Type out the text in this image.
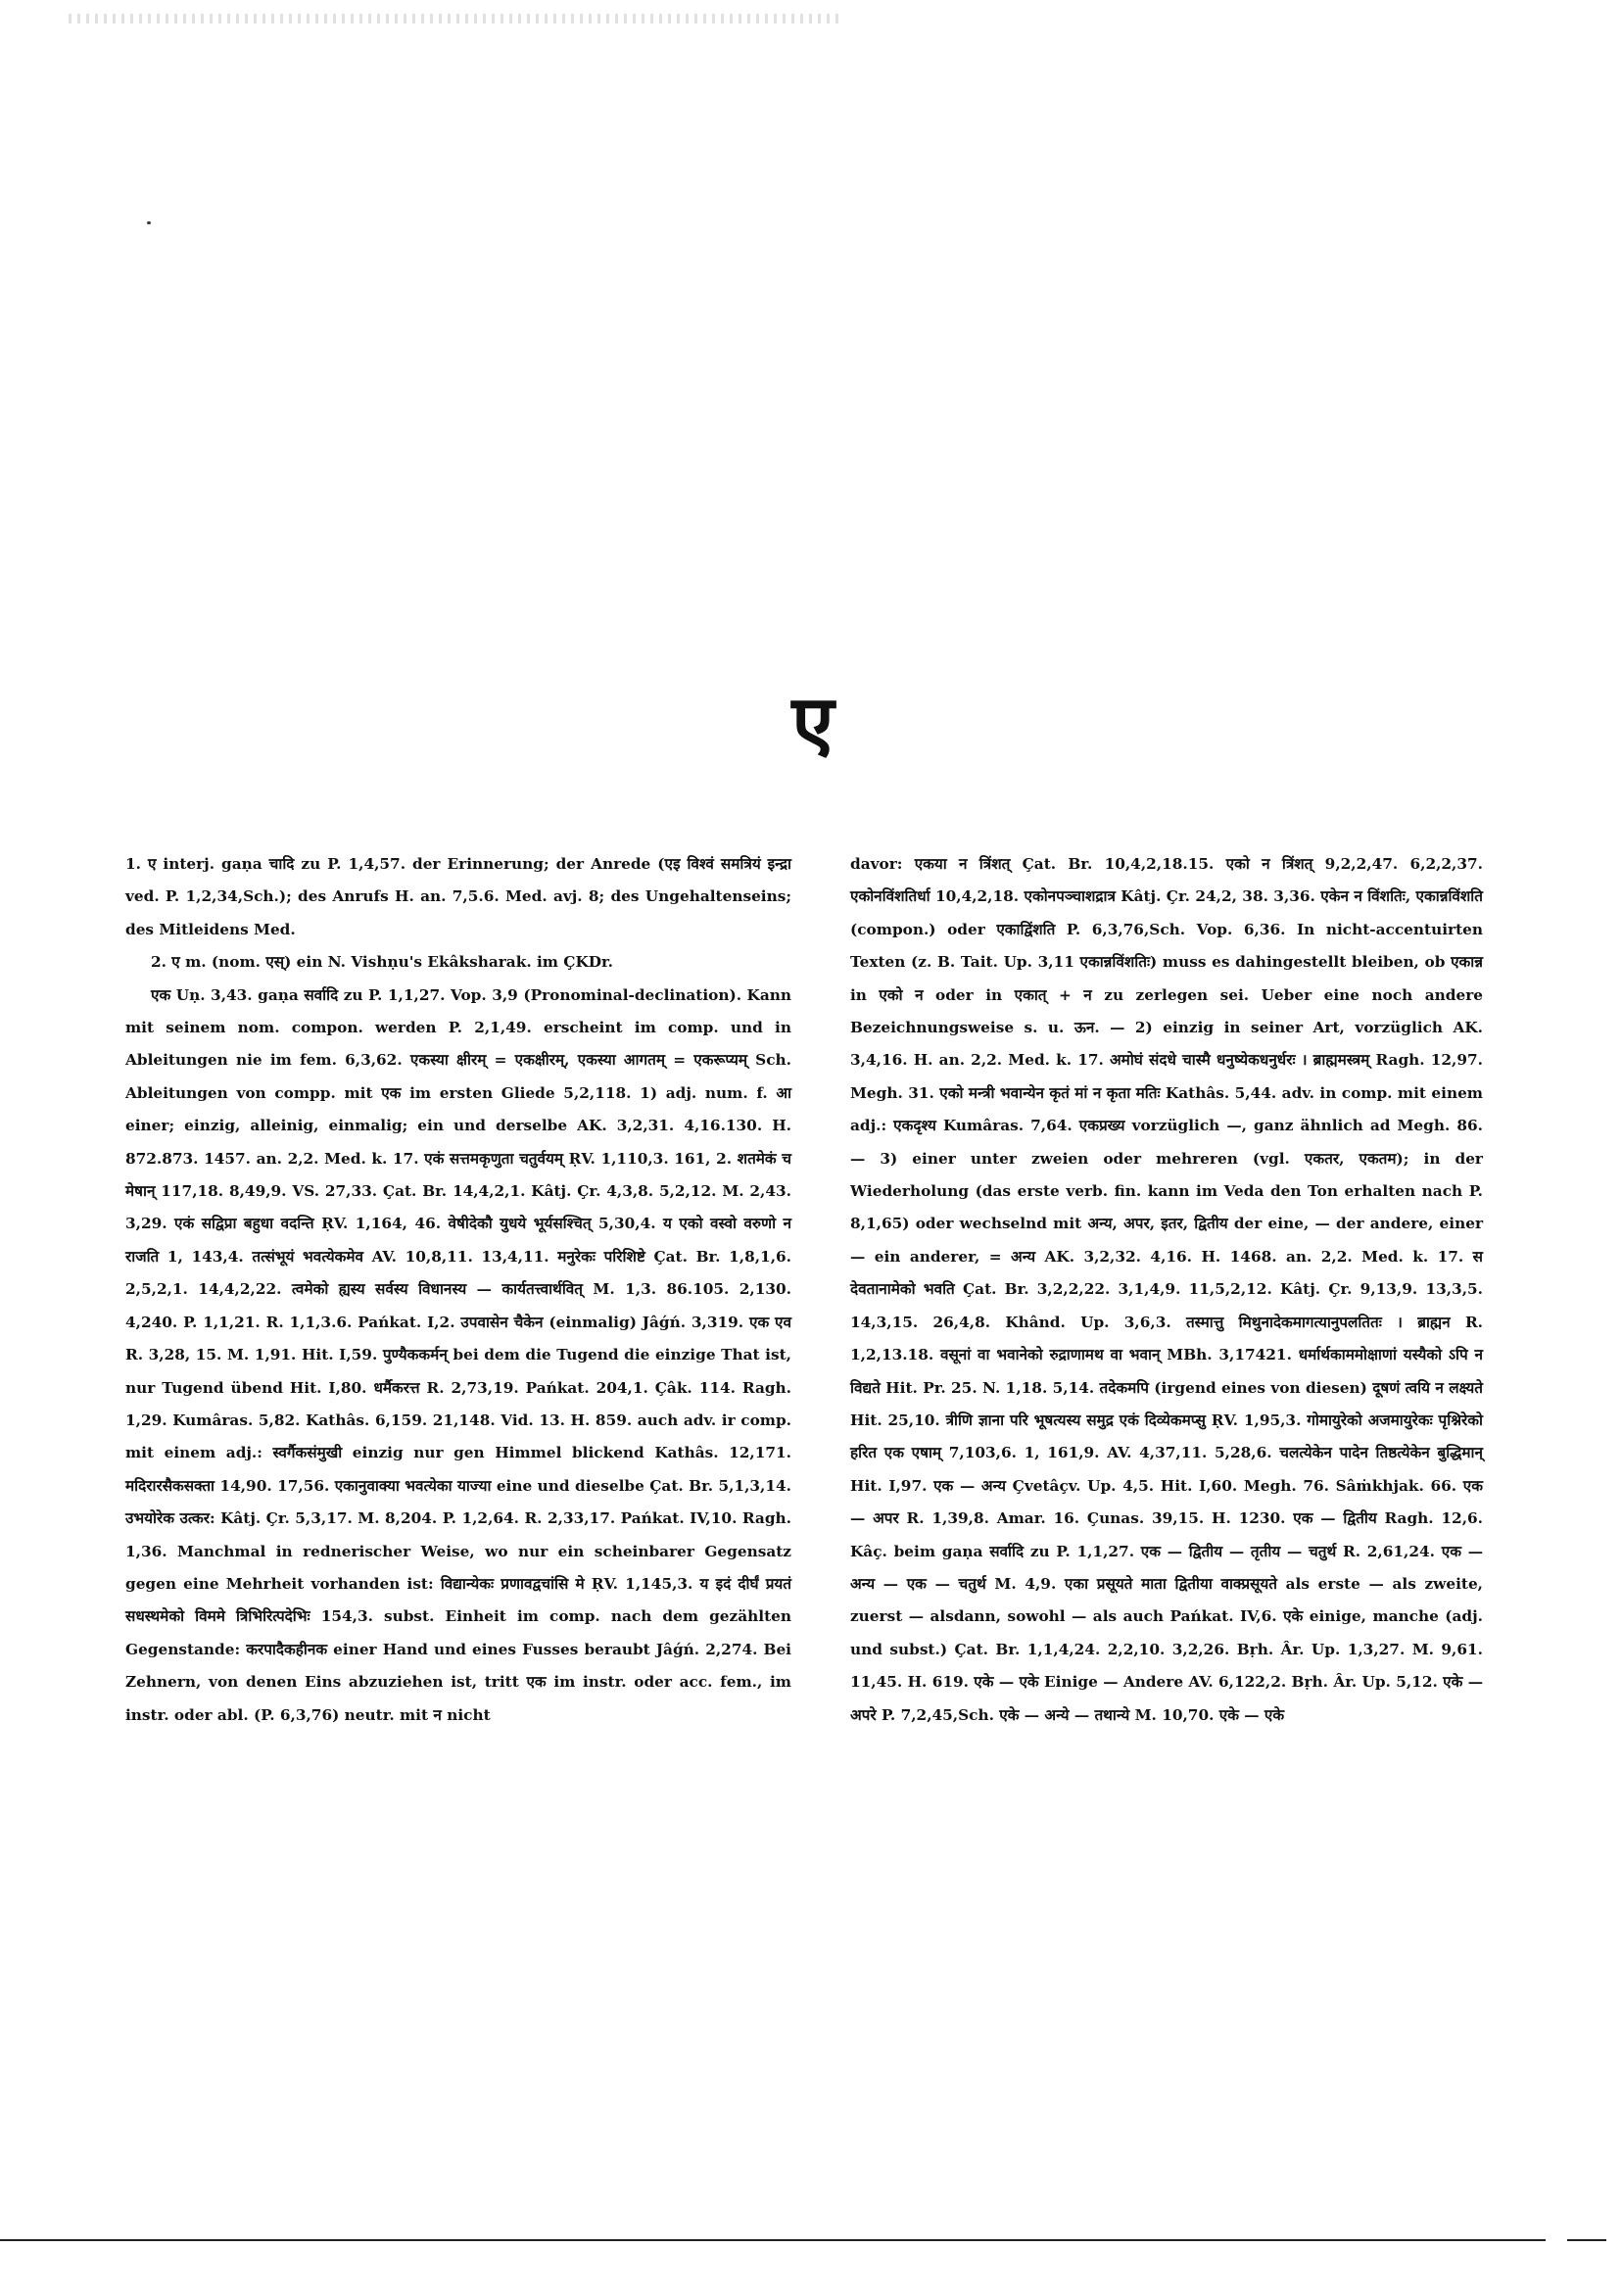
ए

1. ए interj. gaṇa चादि zu P. 1,4,57. der Erinnerung; der Anrede (एइ विश्वं समत्रियं इन्द्रा ved. P. 1,2,34,Sch.); des Anrufs H. an. 7,5.6. Med. avj. 8; des Ungehaltenseins; des Mitleidens Med.

2. ए m. (nom. एस्) ein N. Vishṇu's Ekâksharak. im ÇKDr.

एक Uṇ. 3,43. gaṇa सर्वादि zu P. 1,1,27. Vop. 3,9 (Pronominal-declination). Kann mit seinem nom. compon. werden P. 2,1,49. erscheint im comp. und in Ableitungen nie im fem. 6,3,62. एकस्या क्षीरम् = एकक्षीरम्, एकस्या आगतम् = एकरूप्यम् Sch. Ableitungen von compp. mit एक im ersten Gliede 5,2,118. 1) adj. num. f. आ einer; einzig, alleinig, einmalig; ein und derselbe AK. 3,2,31. 4,16.130. H. 872.873. 1457. an. 2,2. Med. k. 17. एकं सत्तमकृणुता चतुर्वयम् ṚV. 1,110,3. 161, 2. शतमेकं च मेषान् 117,18. 8,49,9. VS. 27,33. Çat. Br. 14,4,2,1. Kâtj. Çr. 4,3,8. 5,2,12. M. 2,43. 3,29. एकं सद्विप्रा बहुधा वदन्ति ṚV. 1,164, 46. वेषीदेकौ युधये भूर्यसश्चित् 5,30,4. य एको वस्वो वरुणो न राजति 1, 143,4. तत्संभूयं भवत्येकमेव AV. 10,8,11. 13,4,11. मनुरेकः परिशिष्टे Çat. Br. 1,8,1,6. 2,5,2,1. 14,4,2,22. त्वमेको ह्यस्य सर्वस्य विधानस्य — कार्यतत्त्वार्थवित् M. 1,3. 86.105. 2,130. 4,240. P. 1,1,21. R. 1,1,3.6. Pańkat. I,2. उपवासेन चैकेन (einmalig) Jâǵń. 3,319. एक एव R. 3,28, 15. M. 1,91. Hit. I,59. पुण्यैककर्मन् bei dem die Tugend die einzige That ist, nur Tugend übend Hit. I,80. धर्मैकरत्त R. 2,73,19. Pańkat. 204,1. Çâk. 114. Ragh. 1,29. Kumâras. 5,82. Kathâs. 6,159. 21,148. Vid. 13. H. 859. auch adv. ir comp. mit einem adj.: स्वर्गैकसंमुखी einzig nur gen Himmel blickend Kathâs. 12,171. मदिरारसैकसक्ता 14,90. 17,56. एकानुवाक्या भवत्येका याज्या eine und dieselbe Çat. Br. 5,1,3,14. उभयोरेक उत्कर: Kâtj. Çr. 5,3,17. M. 8,204. P. 1,2,64. R. 2,33,17. Pańkat. IV,10. Ragh. 1,36. Manchmal in rednerischer Weise, wo nur ein scheinbarer Gegensatz gegen eine Mehrheit vorhanden ist: विद्यान्येकः प्रणावद्वचांसि मे ṚV. 1,145,3. य इदं दीर्घं प्रयतं सधस्थमेको विममे त्रिभिरित्पदेभिः 154,3. subst. Einheit im comp. nach dem gezählten Gegenstande: करपादैकहीनक einer Hand und eines Fusses beraubt Jâǵń. 2,274. Bei Zehnern, von denen Eins abzuziehen ist, tritt एक im instr. oder acc. fem., im instr. oder abl. (P. 6,3,76) neutr. mit न nicht

davor: एकया न त्रिंशत् Çat. Br. 10,4,2,18.15. एको न त्रिंशत् 9,2,2,47. 6,2,2,37. एकोनविंशतिर्धा 10,4,2,18. एकोनपञ्चाशद्रात्र Kâtj. Çr. 24,2, 38. 3,36. एकेन न विंशतिः, एकान्नविंशति (compon.) oder एकाद्विंशति P. 6,3,76,Sch. Vop. 6,36. In nicht-accentuirten Texten (z. B. Tait. Up. 3,11 एकान्नविंशतिः) muss es dahingestellt bleiben, ob एकान्न in एको न oder in एकात् + न zu zerlegen sei. Ueber eine noch andere Bezeichnungsweise s. u. ऊन. — 2) einzig in seiner Art, vorzüglich AK. 3,4,16. H. an. 2,2. Med. k. 17. अमोघं संदधे चास्मै धनुष्येकधनुर्धरः । ब्राह्ममस्त्रम् Ragh. 12,97. Megh. 31. एको मन्त्री भवान्येन कृतं मां न कृता मतिः Kathâs. 5,44. adv. in comp. mit einem adj.: एकदृश्य Kumâras. 7,64. एकप्रख्य vorzüglich —, ganz ähnlich ad Megh. 86. — 3) einer unter zweien oder mehreren (vgl. एकतर, एकतम); in der Wiederholung (das erste verb. fin. kann im Veda den Ton erhalten nach P. 8,1,65) oder wechselnd mit अन्य, अपर, इतर, द्वितीय der eine, — der andere, einer — ein anderer, = अन्य AK. 3,2,32. 4,16. H. 1468. an. 2,2. Med. k. 17. स देवतानामेको भवति Çat. Br. 3,2,2,22. 3,1,4,9. 11,5,2,12. Kâtj. Çr. 9,13,9. 13,3,5. 14,3,15. 26,4,8. Khând. Up. 3,6,3. तस्मात्तु मिथुनादेकमागत्यानुपलतितः । ब्राह्मन R. 1,2,13.18. वसूनां वा भवानेको रुद्राणामथ वा भवान् MBh. 3,17421. धर्मार्थकाममोक्षाणां यस्यैको ऽपि न विद्यते Hit. Pr. 25. N. 1,18. 5,14. तदेकमपि (irgend eines von diesen) दूषणं त्वयि न लक्ष्यते Hit. 25,10. त्रीणि ज्ञाना परि भूषत्यस्य समुद्र एकं दिव्येकमप्सु ṚV. 1,95,3. गोमायुरेको अजमायुरेकः पृश्निरेको हरित एक एषाम् 7,103,6. 1, 161,9. AV. 4,37,11. 5,28,6. चलत्येकेन पादेन तिष्ठत्येकेन बुद्धिमान् Hit. I,97. एक — अन्य Çvetâçv. Up. 4,5. Hit. I,60. Megh. 76. Sâṁkhjak. 66. एक — अपर R. 1,39,8. Amar. 16. Çunas. 39,15. H. 1230. एक — द्वितीय Ragh. 12,6. Kâç. beim gaṇa सर्वादि zu P. 1,1,27. एक — द्वितीय — तृतीय — चतुर्थ R. 2,61,24. एक — अन्य — एक — चतुर्थ M. 4,9. एका प्रसूयते माता द्वितीया वाक्प्रसूयते als erste — als zweite, zuerst — alsdann, sowohl — als auch Pańkat. IV,6. एके einige, manche (adj. und subst.) Çat. Br. 1,1,4,24. 2,2,10. 3,2,26. Bṛh. Âr. Up. 1,3,27. M. 9,61. 11,45. H. 619. एके — एके Einige — Andere AV. 6,122,2. Bṛh. Âr. Up. 5,12. एके — अपरे P. 7,2,45,Sch. एके — अन्ये — तथान्ये M. 10,70. एके — एके
